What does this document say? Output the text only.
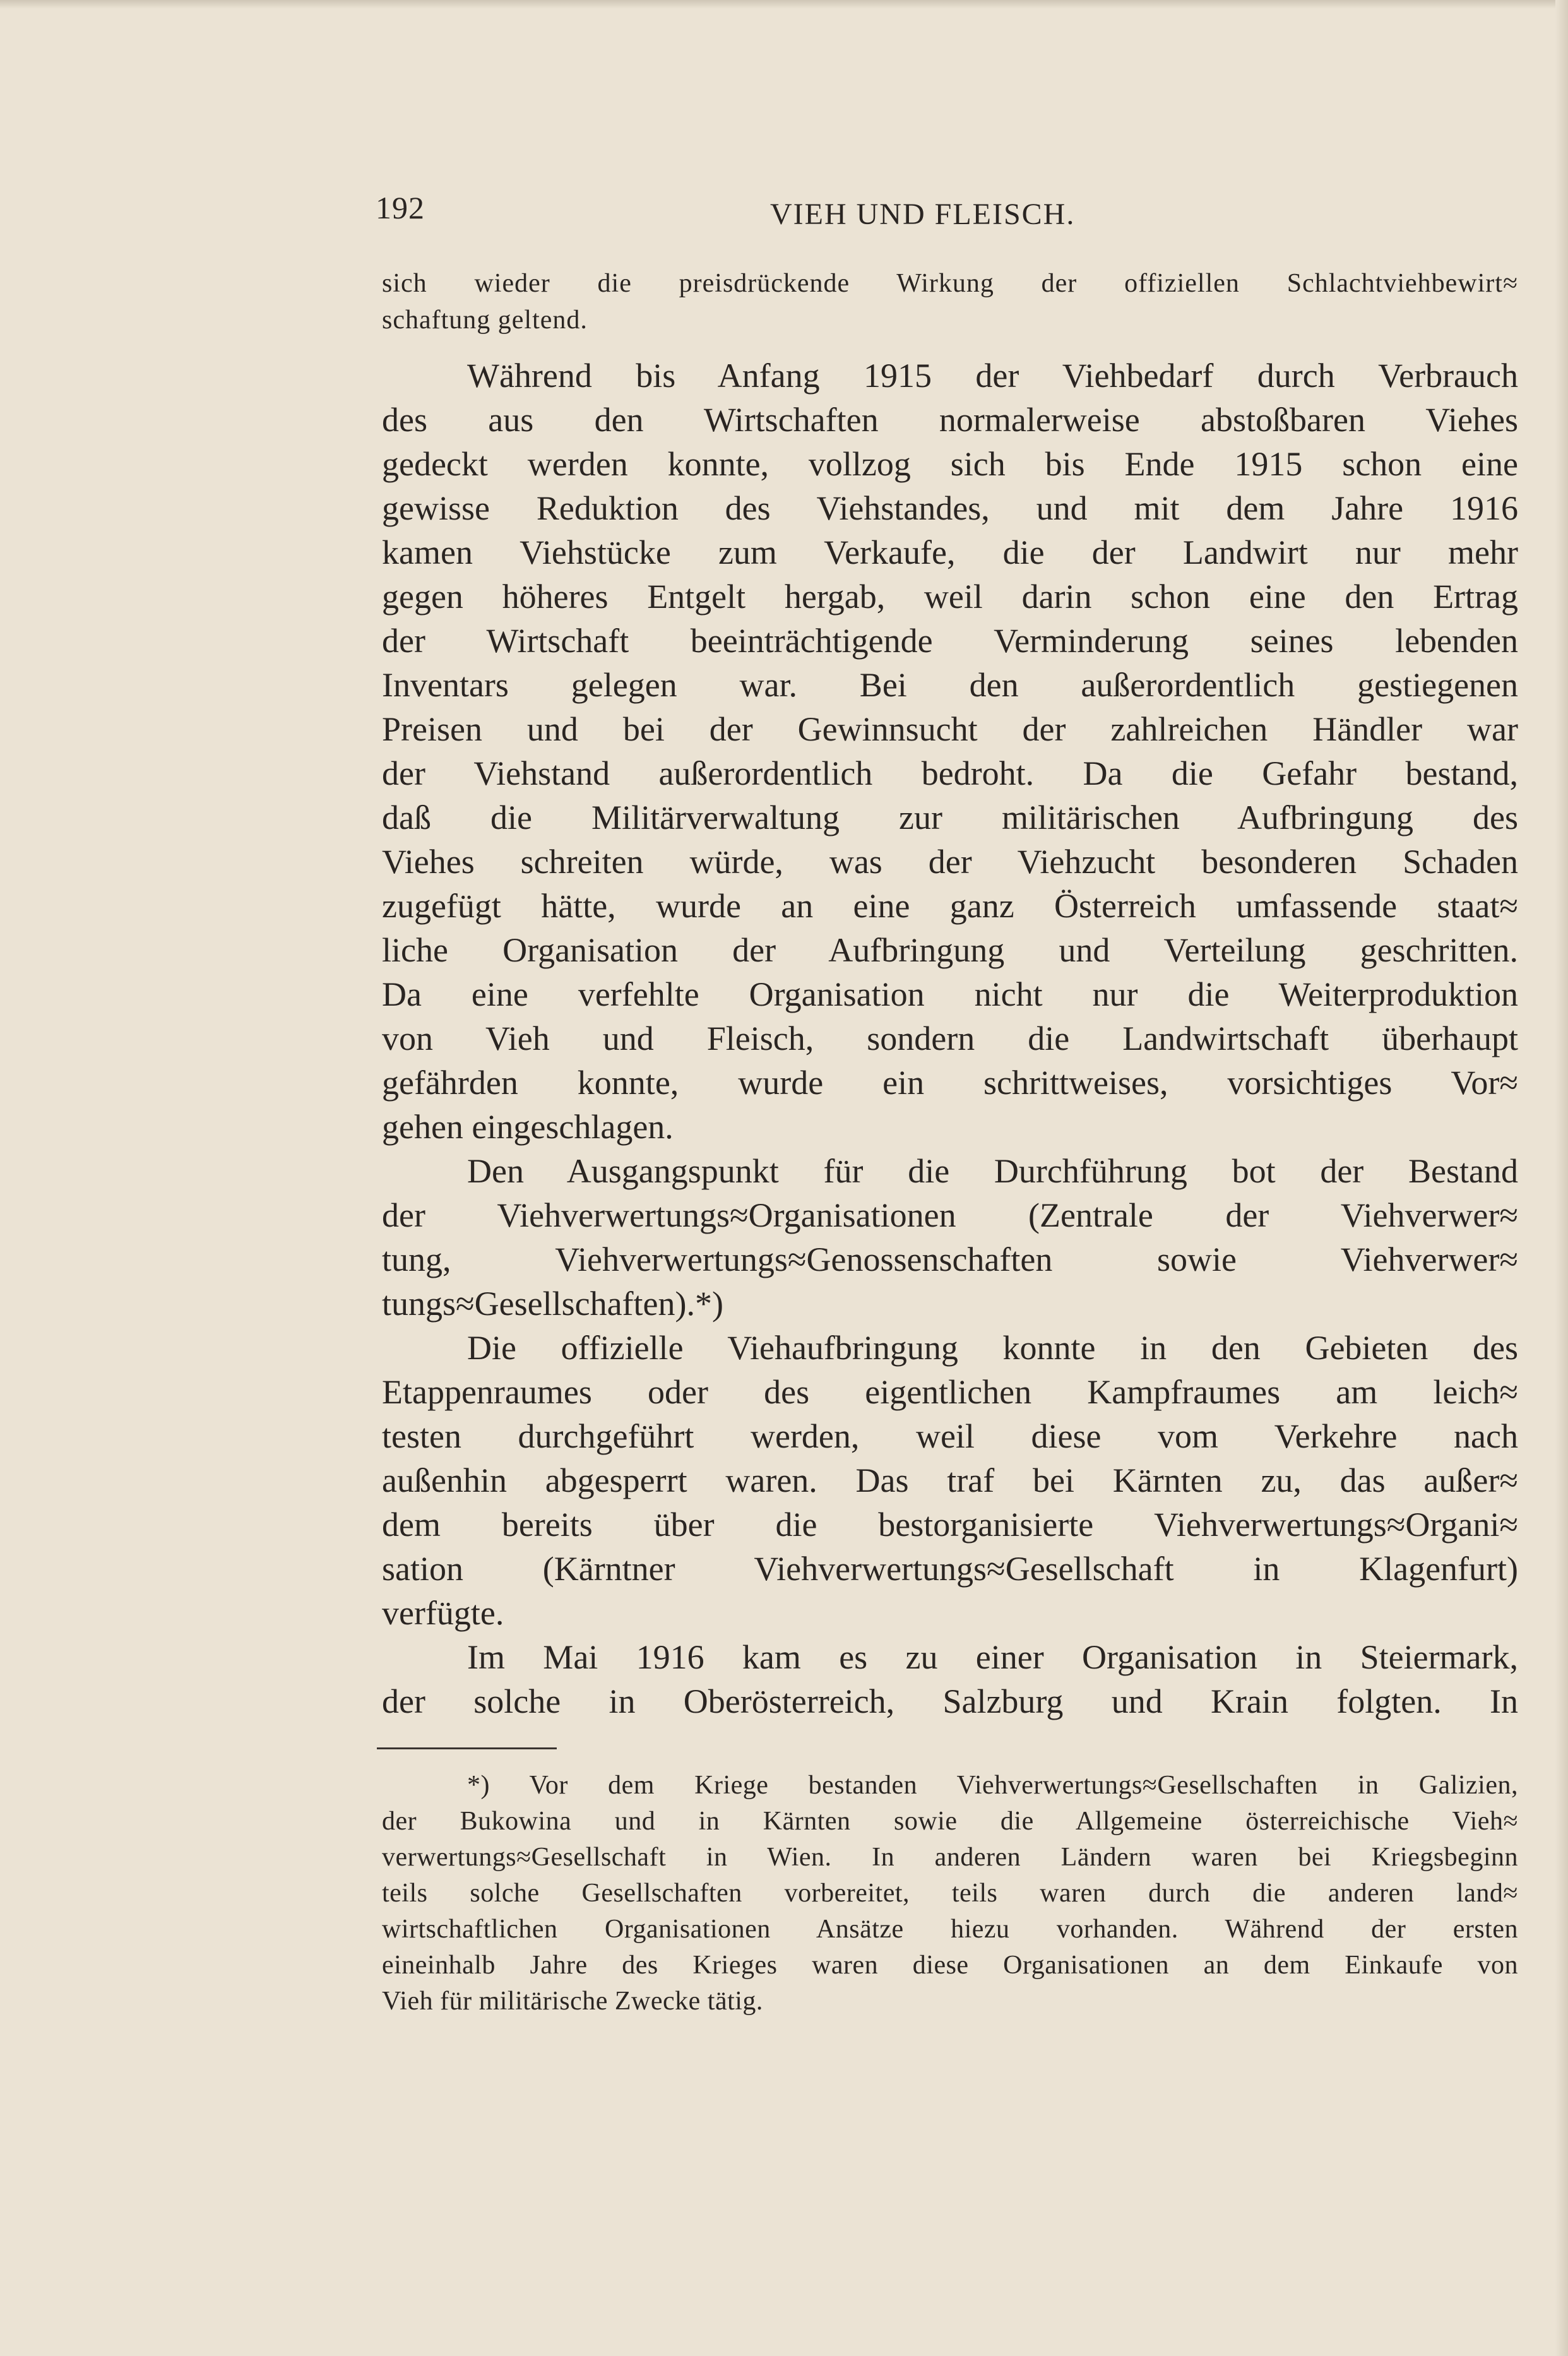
192	VIEH UND FLEISCH.
sich wieder die preisdrückende Wirkung der offiziellen Schlachtviehbewirt≈
schaftung geltend.
Während bis Anfang 1915 der Viehbedarf durch Verbrauch
des aus den Wirtschaften normalerweise abstoßbaren Viehes
gedeckt werden konnte, vollzog sich bis Ende 1915 schon eine
gewisse Reduktion des Viehstandes, und mit dem Jahre 1916
kamen Viehstücke zum Verkaufe, die der Landwirt nur mehr
gegen höheres Entgelt hergab, weil darin schon eine den Ertrag
der Wirtschaft beeinträchtigende Verminderung seines lebenden
Inventars gelegen war. Bei den außerordentlich gestiegenen
Preisen und bei der Gewinnsucht der zahlreichen Händler war
der Viehstand außerordentlich bedroht. Da die Gefahr bestand,
daß die Militärverwaltung zur militärischen Aufbringung des
Viehes schreiten würde, was der Viehzucht besonderen Schaden
zugefügt hätte, wurde an eine ganz Österreich umfassende staat≈
liche Organisation der Aufbringung und Verteilung geschritten.
Da eine verfehlte Organisation nicht nur die Weiterproduktion
von Vieh und Fleisch, sondern die Landwirtschaft überhaupt
gefährden konnte, wurde ein schrittweises, vorsichtiges Vor≈
gehen eingeschlagen.
Den Ausgangspunkt für die Durchführung bot der Bestand
der Viehverwertungs≈Organisationen (Zentrale der Viehverwer≈
tung, Viehverwertungs≈Genossenschaften sowie Viehverwer≈
tungs≈Gesellschaften).*)
Die offizielle Viehaufbringung konnte in den Gebieten des
Etappenraumes oder des eigentlichen Kampfraumes am leich≈
testen durchgeführt werden, weil diese vom Verkehre nach
außenhin abgesperrt waren. Das traf bei Kärnten zu, das außer≈
dem bereits über die bestorganisierte Viehverwertungs≈Organi≈
sation (Kärntner Viehverwertungs≈Gesellschaft in Klagenfurt)
verfügte.
Im Mai 1916 kam es zu einer Organisation in Steiermark,
der solche in Oberösterreich, Salzburg und Krain folgten. In
*) Vor dem Kriege bestanden Viehverwertungs≈Gesellschaften in Galizien,
der Bukowina und in Kärnten sowie die Allgemeine österreichische Vieh≈
verwertungs≈Gesellschaft in Wien. In anderen Ländern waren bei Kriegsbeginn
teils solche Gesellschaften vorbereitet, teils waren durch die anderen land≈
wirtschaftlichen Organisationen Ansätze hiezu vorhanden. Während der ersten
eineinhalb Jahre des Krieges waren diese Organisationen an dem Einkaufe von
Vieh für militärische Zwecke tätig.
